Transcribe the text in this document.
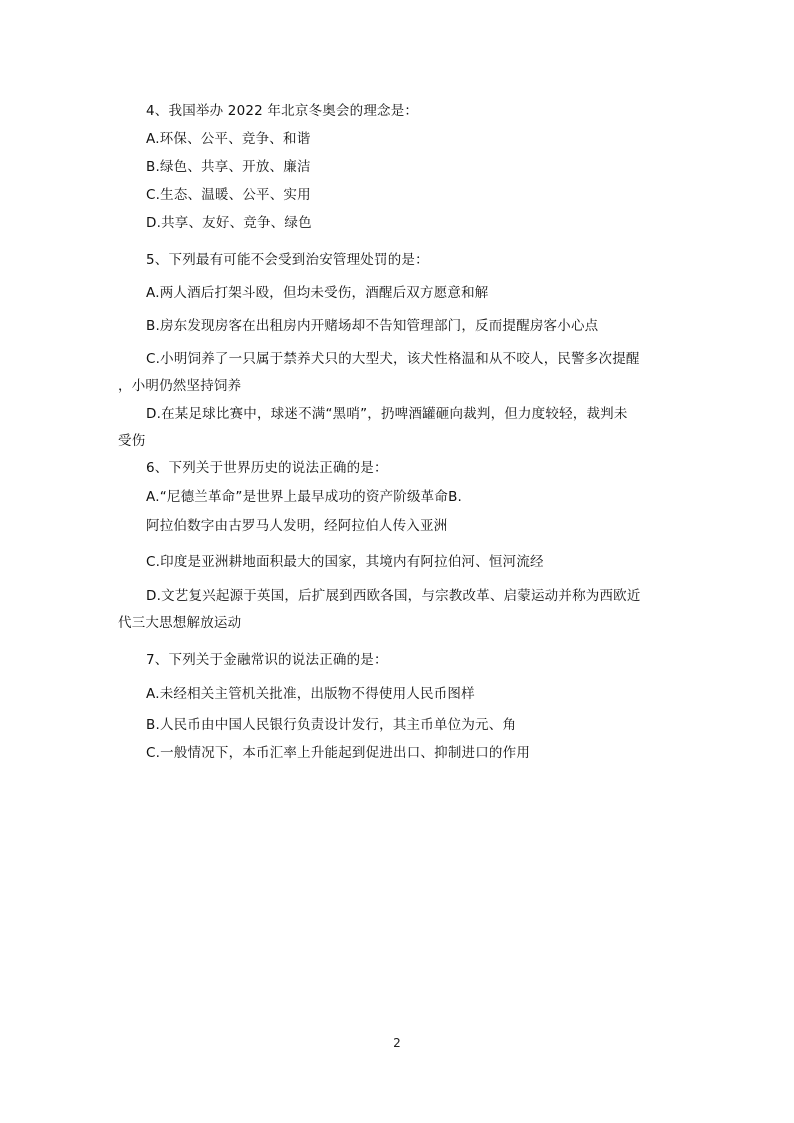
4、我国举办 2022 年北京冬奥会的理念是：
A.环保、公平、竞争、和谐
B.绿色、共享、开放、廉洁
C.生态、温暖、公平、实用
D.共享、友好、竞争、绿色
5、下列最有可能不会受到治安管理处罚的是：
A.两人酒后打架斗殴，但均未受伤，酒醒后双方愿意和解
B.房东发现房客在出租房内开赌场却不告知管理部门，反而提醒房客小心点
C.小明饲养了一只属于禁养犬只的大型犬，该犬性格温和从不咬人，民警多次提醒
，小明仍然坚持饲养
D.在某足球比赛中，球迷不满“黑哨”，扔啤酒罐砸向裁判，但力度较轻，裁判未
受伤
6、下列关于世界历史的说法正确的是：
A.“尼德兰革命”是世界上最早成功的资产阶级革命B.
阿拉伯数字由古罗马人发明，经阿拉伯人传入亚洲
C.印度是亚洲耕地面积最大的国家，其境内有阿拉伯河、恒河流经
D.文艺复兴起源于英国，后扩展到西欧各国，与宗教改革、启蒙运动并称为西欧近
代三大思想解放运动
7、下列关于金融常识的说法正确的是：
A.未经相关主管机关批准，出版物不得使用人民币图样
B.人民币由中国人民银行负责设计发行，其主币单位为元、角
C.一般情况下，本币汇率上升能起到促进出口、抑制进口的作用
2
